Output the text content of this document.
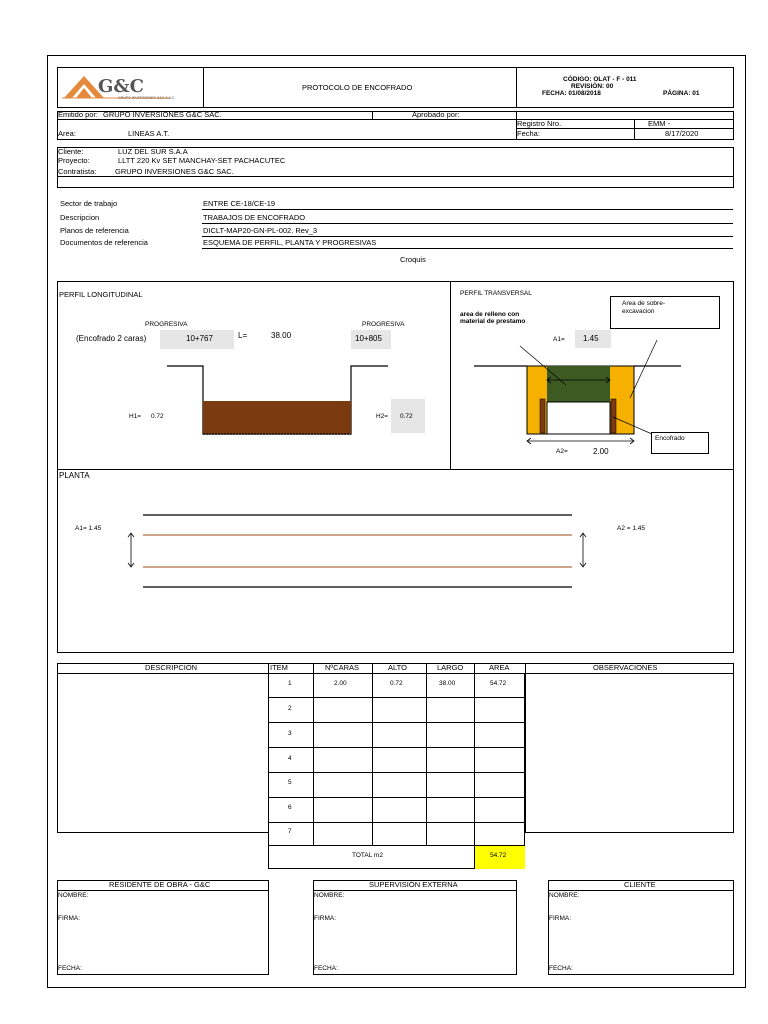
G&C
GRUPO INVERSIONES G&C S.A.C.
PROTOCOLO DE ENCOFRADO
CÓDIGO: OLAT - F - 011
REVISIÓN: 00
FECHA: 01/08/2018	PÁGINA: 01
Emitido por: GRUPO INVERSIONES G&C SAC.	Aprobado por:
Area:	LINEAS A.T.
Registro Nro.	EMM -
Fecha:	8/17/2020
Cliente:	LUZ DEL SUR S.A.A
Proyecto:	LLTT 220 Kv SET MANCHAY-SET PACHACUTEC
Contratista: GRUPO INVERSIONES G&C SAC.
Sector de trabajo	ENTRE CE-18/CE-19
Descripcion	TRABAJOS DE ENCOFRADO
Planos de referencia	DICLT-MAP20-GN-PL-002. Rev_3
Documentos de referencia	ESQUEMA DE PERFIL, PLANTA Y PROGRESIVAS
Croquis
PERFIL LONGITUDINAL
PROGRESIVA	PROGRESIVA
(Encofrado 2 caras)	10+767	L=	38.00	10+805
H1= 0.72	H2= 0.72
PERFIL TRANSVERSAL
Area de sobre-excavacion
area de relleno con material de prestamo
A1= 1.45
Encofrado
A2=	2.00
PLANTA
A1= 1.45	A2 = 1.45
DESCRIPCION	ITEM	NºCARAS	ALTO	LARGO	AREA	OBSERVACIONES
1	2.00	0.72	38.00	54.72
2
3
4
5
6
7
TOTAL m2	54.72
RESIDENTE DE OBRA - G&C
NOMBRE:
FIRMA:
FECHA:
SUPERVISIÓN EXTERNA
NOMBRE:
FIRMA:
FECHA:
CLIENTE
NOMBRE:
FIRMA:
FECHA:
